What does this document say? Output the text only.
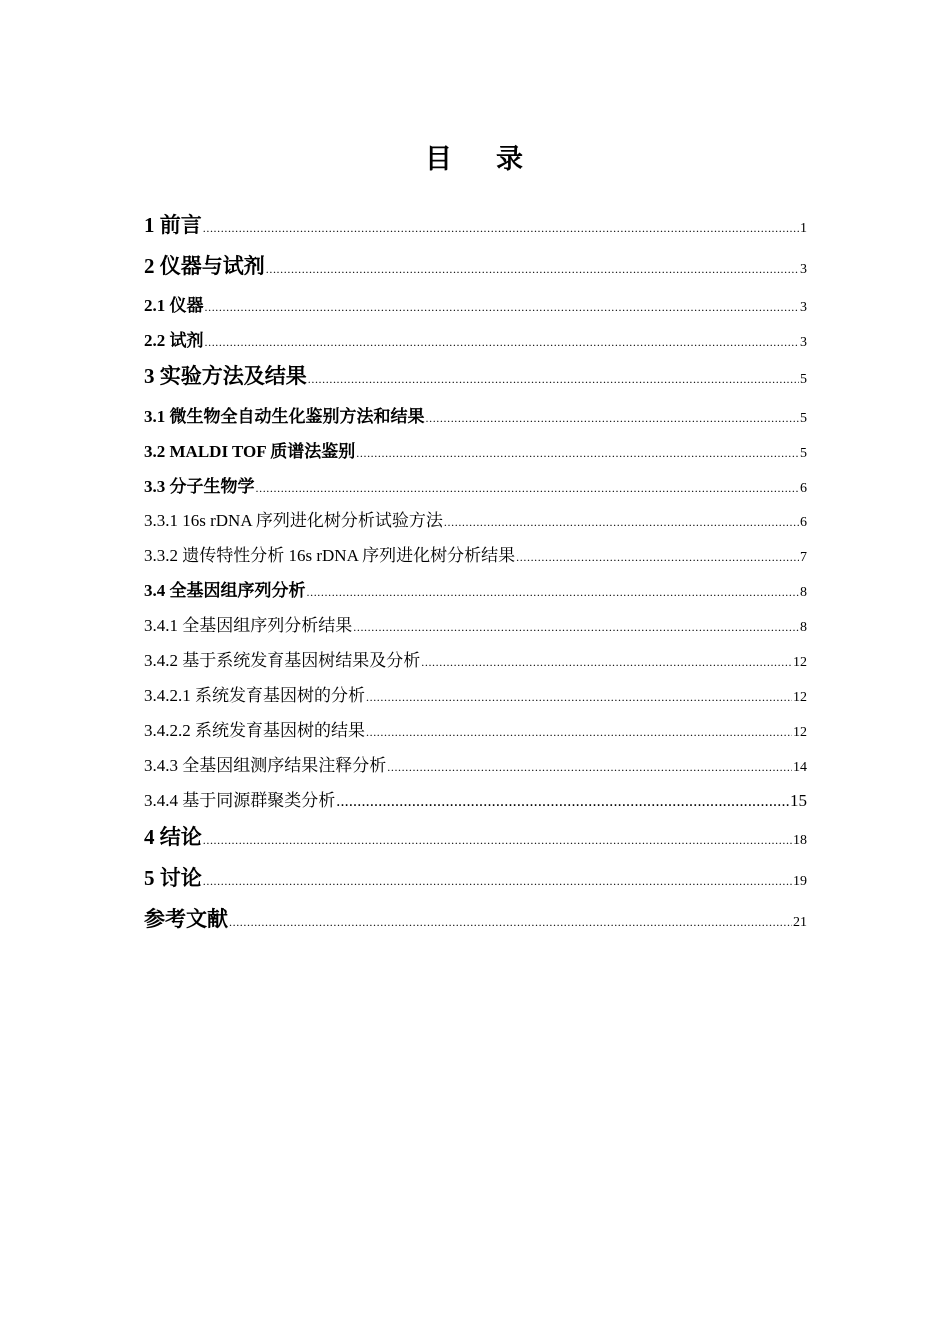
目 录
1 前言 .....	1
2 仪器与试剂 .....	3
2.1 仪器 .....	3
2.2 试剂 .....	3
3 实验方法及结果 .....	5
3.1 微生物全自动生化鉴别方法和结果 .....	5
3.2 MALDI TOF 质谱法鉴别 .....	5
3.3 分子生物学 .....	6
3.3.1 16s rDNA 序列进化树分析试验方法 .....	6
3.3.2 遗传特性分析 16s rDNA 序列进化树分析结果 .....	7
3.4 全基因组序列分析 .....	8
3.4.1 全基因组序列分析结果 .....	8
3.4.2 基于系统发育基因树结果及分析 .....	12
3.4.2.1 系统发育基因树的分析 .....	12
3.4.2.2 系统发育基因树的结果 .....	12
3.4.3 全基因组测序结果注释分析 .....	14
3.4.4 基于同源群聚类分析 .....	15
4 结论 .....	18
5 讨论 .....	19
参考文献 .....	21
